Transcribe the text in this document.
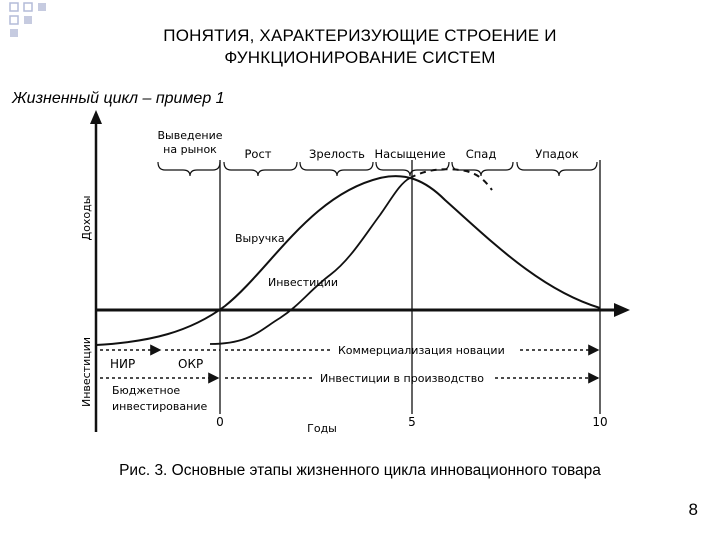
ПОНЯТИЯ, ХАРАКТЕРИЗУЮЩИЕ СТРОЕНИЕ И
ФУНКЦИОНИРОВАНИЕ СИСТЕМ
Жизненный цикл – пример 1
Доходы
Инвестиции
Выведение
на рынок Рост	Зрелость Насыщение Спад	Упадок
Выручка
Инвестиции
НИР	ОКР
Коммерциализация новации
Бюджетное
инвестирование
Инвестиции в производство
0	5	10
Годы
Рис. 3. Основные этапы жизненного цикла инновационного товара
8
